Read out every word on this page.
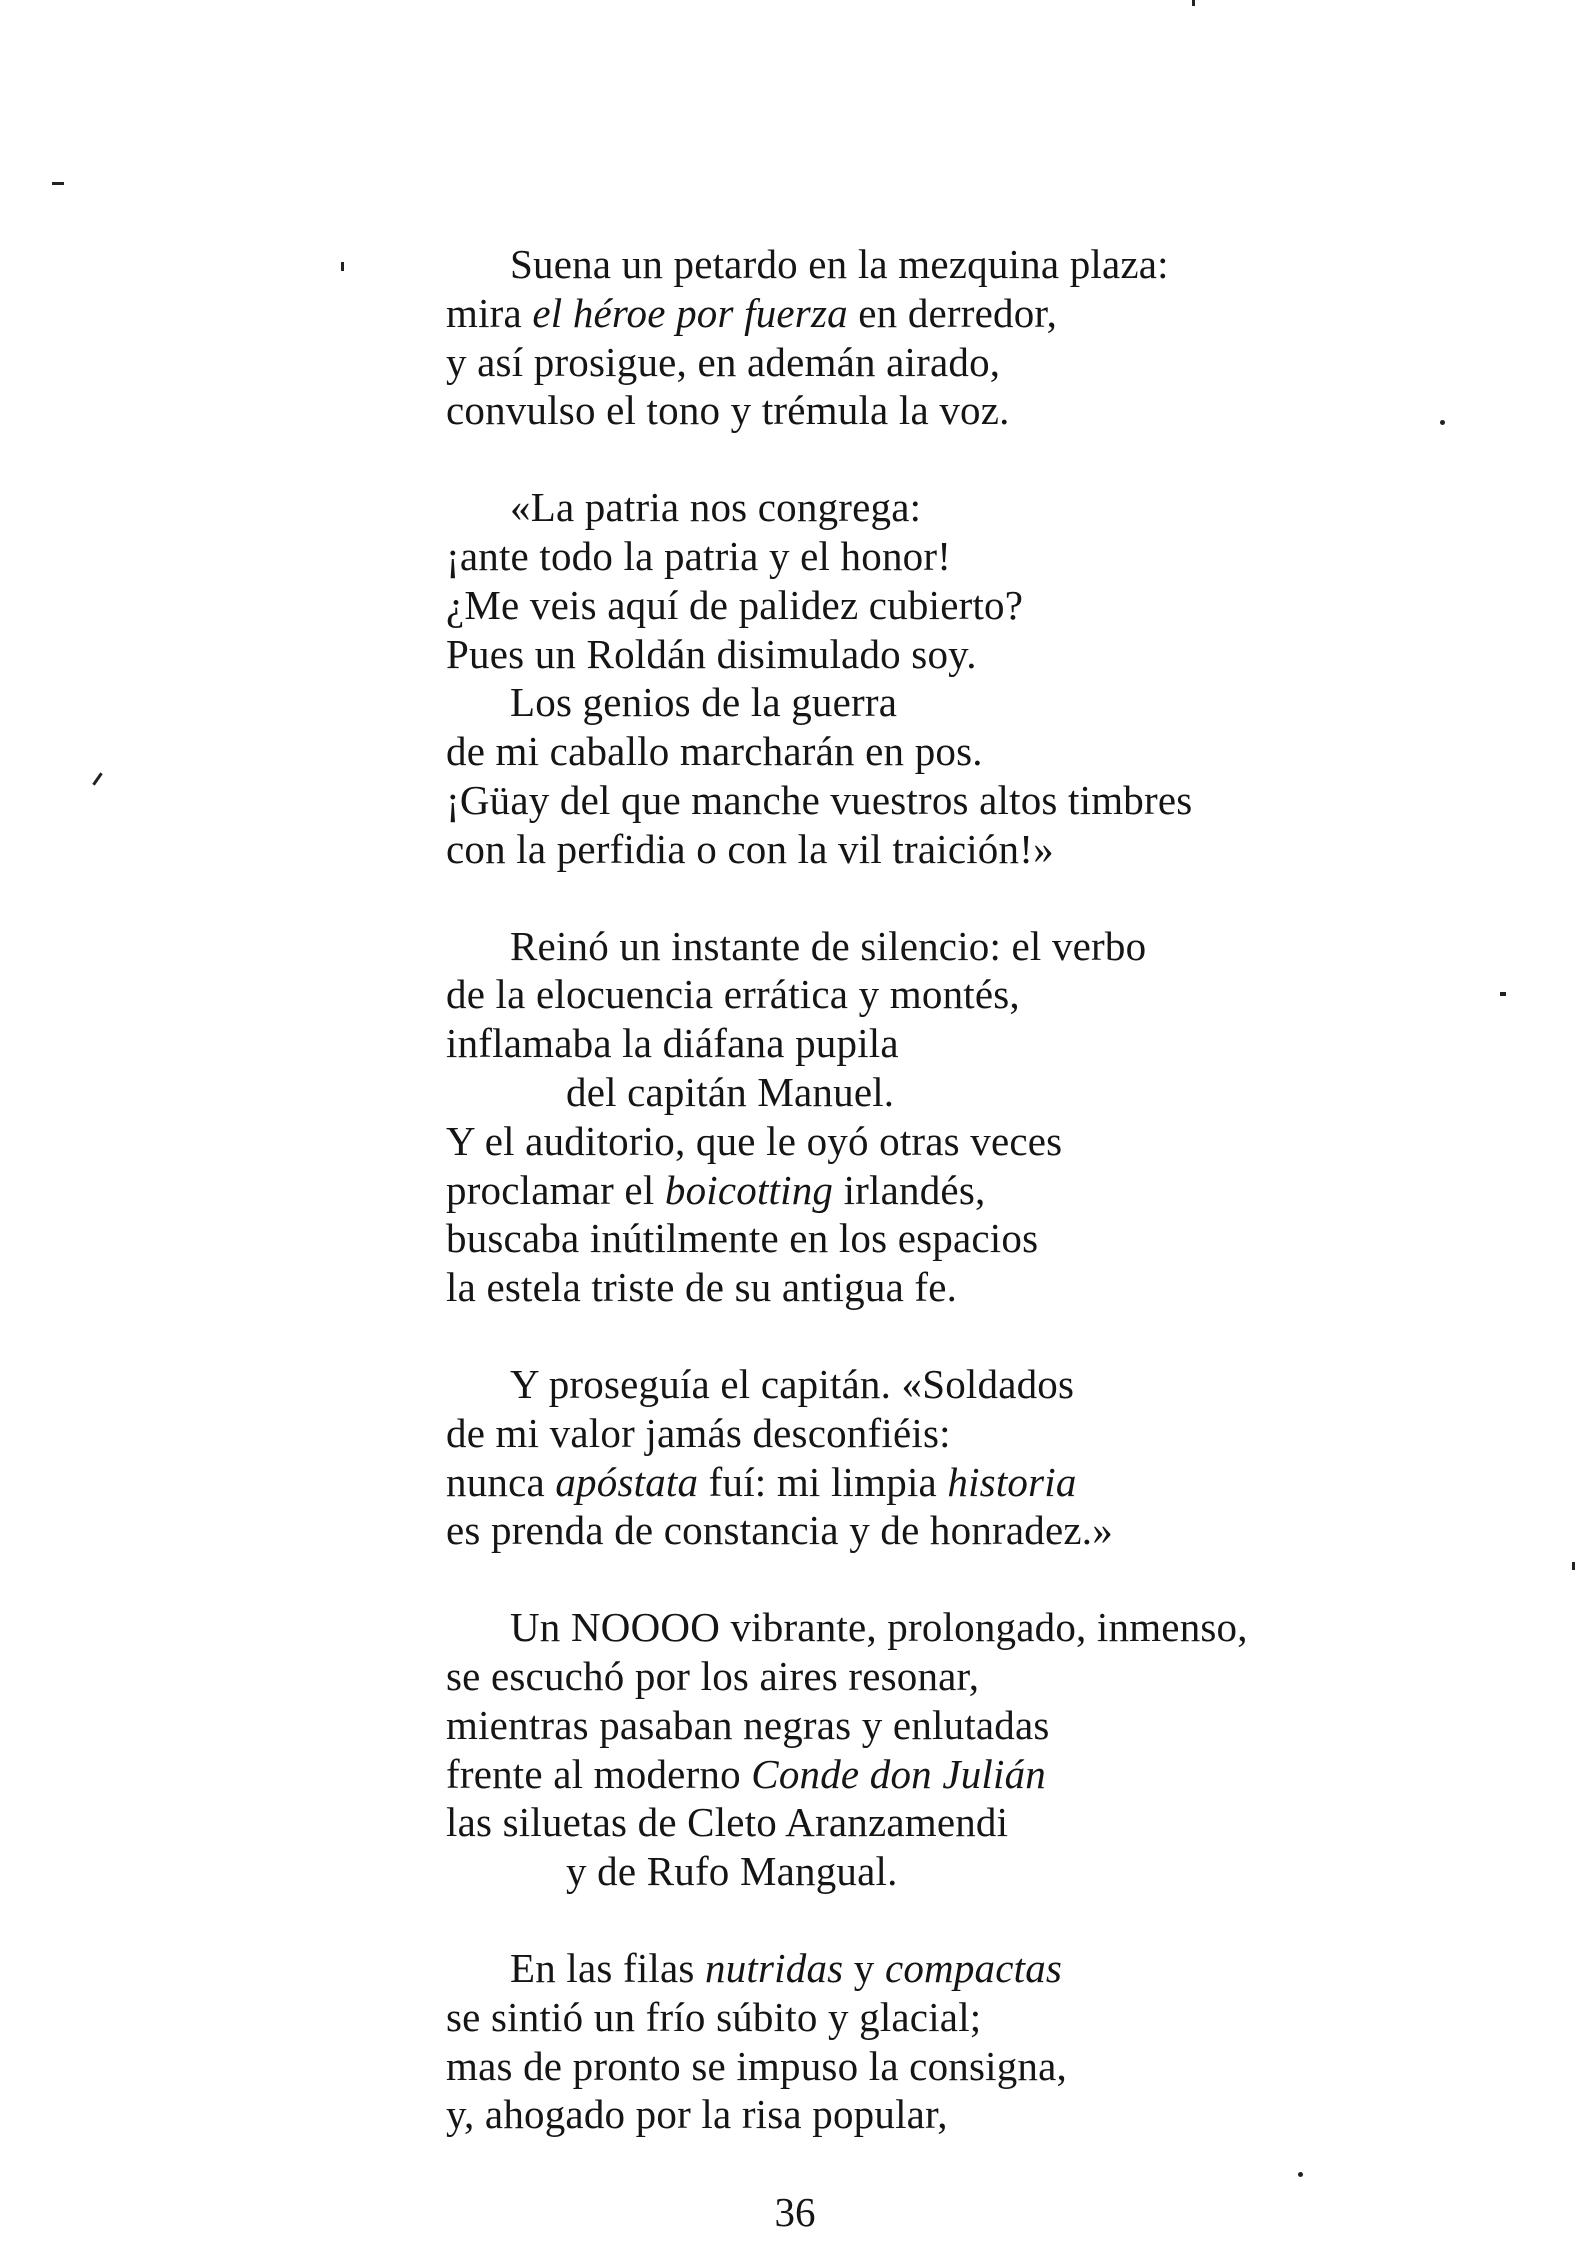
Suena un petardo en la mezquina plaza:
mira el héroe por fuerza en derredor,
y así prosigue, en ademán airado,
convulso el tono y trémula la voz.
«La patria nos congrega:
¡ante todo la patria y el honor!
¿Me veis aquí de palidez cubierto?
Pues un Roldán disimulado soy.
Los genios de la guerra
de mi caballo marcharán en pos.
¡Güay del que manche vuestros altos timbres
con la perfidia o con la vil traición!»
Reinó un instante de silencio: el verbo
de la elocuencia errática y montés,
inflamaba la diáfana pupila
del capitán Manuel.
Y el auditorio, que le oyó otras veces
proclamar el boicotting irlandés,
buscaba inútilmente en los espacios
la estela triste de su antigua fe.
Y proseguía el capitán. «Soldados
de mi valor jamás desconfiéis:
nunca apóstata fuí: mi limpia historia
es prenda de constancia y de honradez.»
Un NOOOO vibrante, prolongado, inmenso,
se escuchó por los aires resonar,
mientras pasaban negras y enlutadas
frente al moderno Conde don Julián
las siluetas de Cleto Aranzamendi
y de Rufo Mangual.
En las filas nutridas y compactas
se sintió un frío súbito y glacial;
mas de pronto se impuso la consigna,
y, ahogado por la risa popular,
36
